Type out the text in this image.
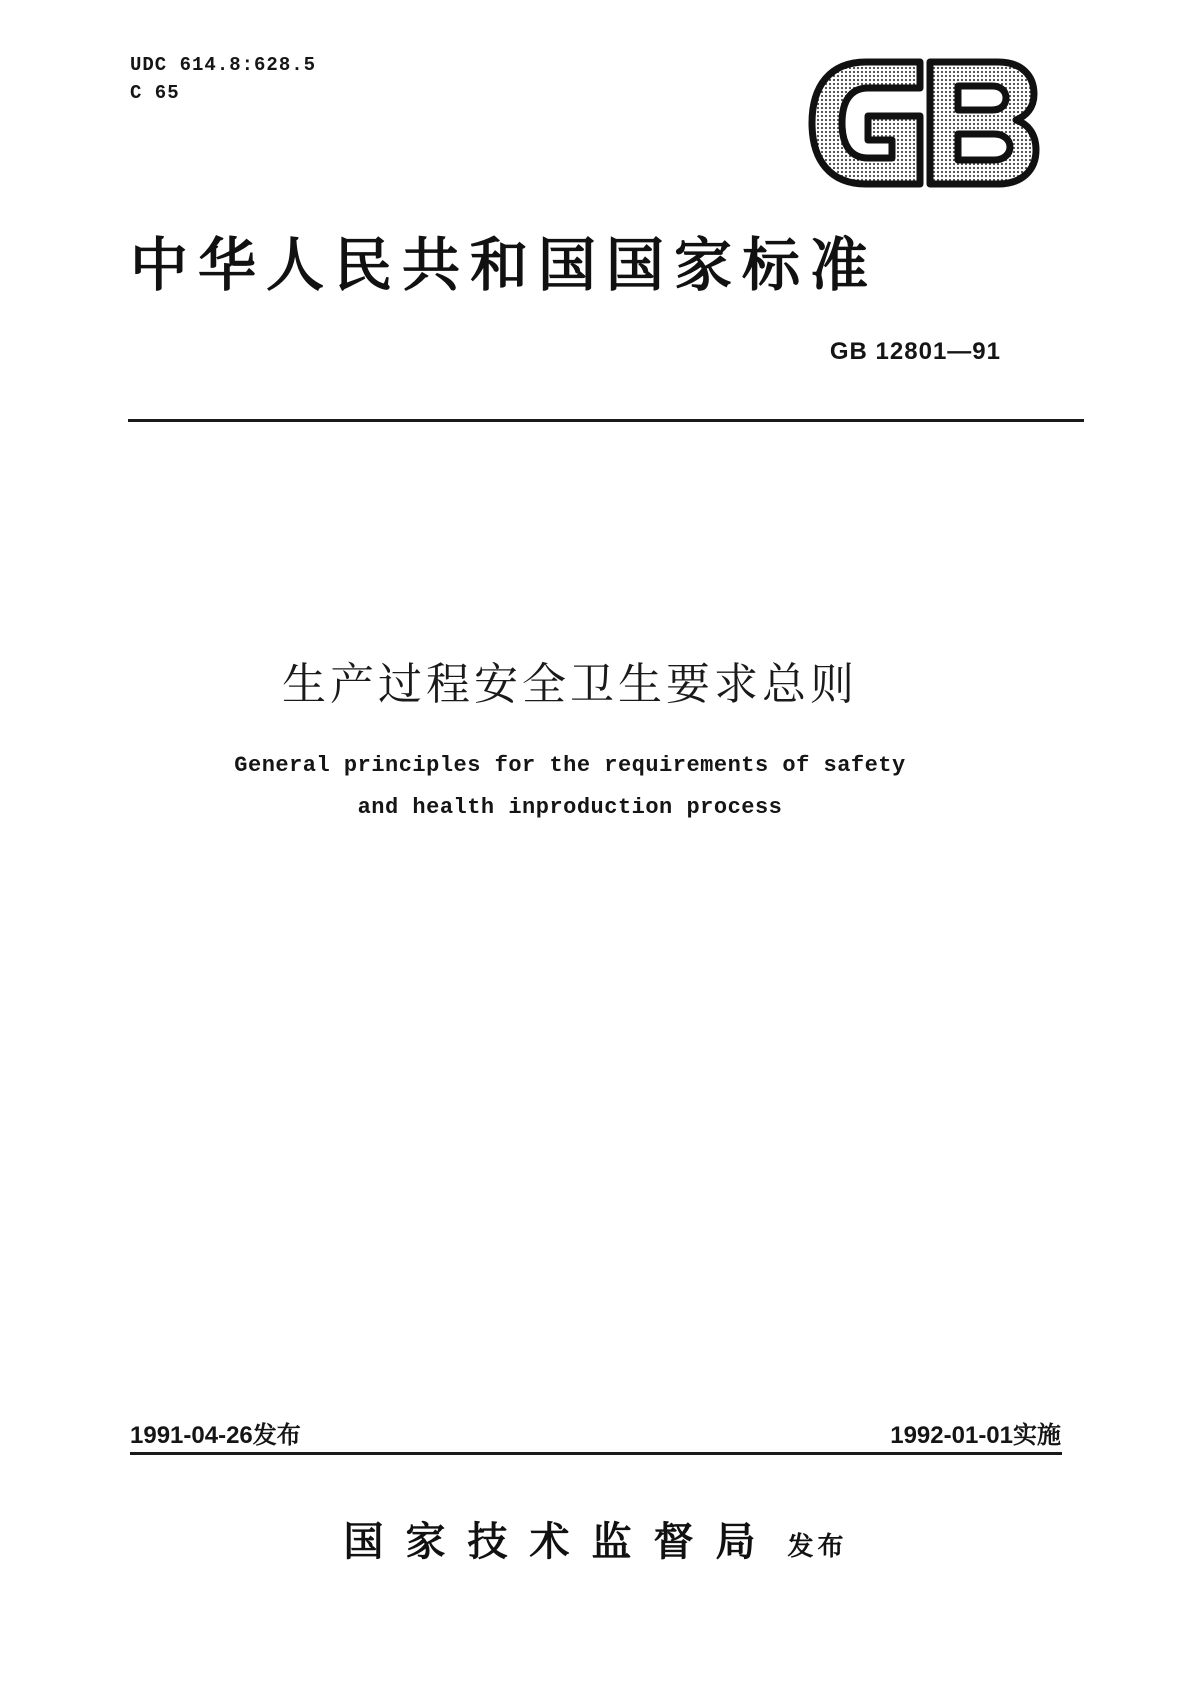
UDC 614.8:628.5
C 65
中华人民共和国国家标准
GB 12801—91
生产过程安全卫生要求总则
General principles for the requirements of safety
and health inproduction process
1991-04-26发布	1992-01-01实施
国家技术监督局 发布
